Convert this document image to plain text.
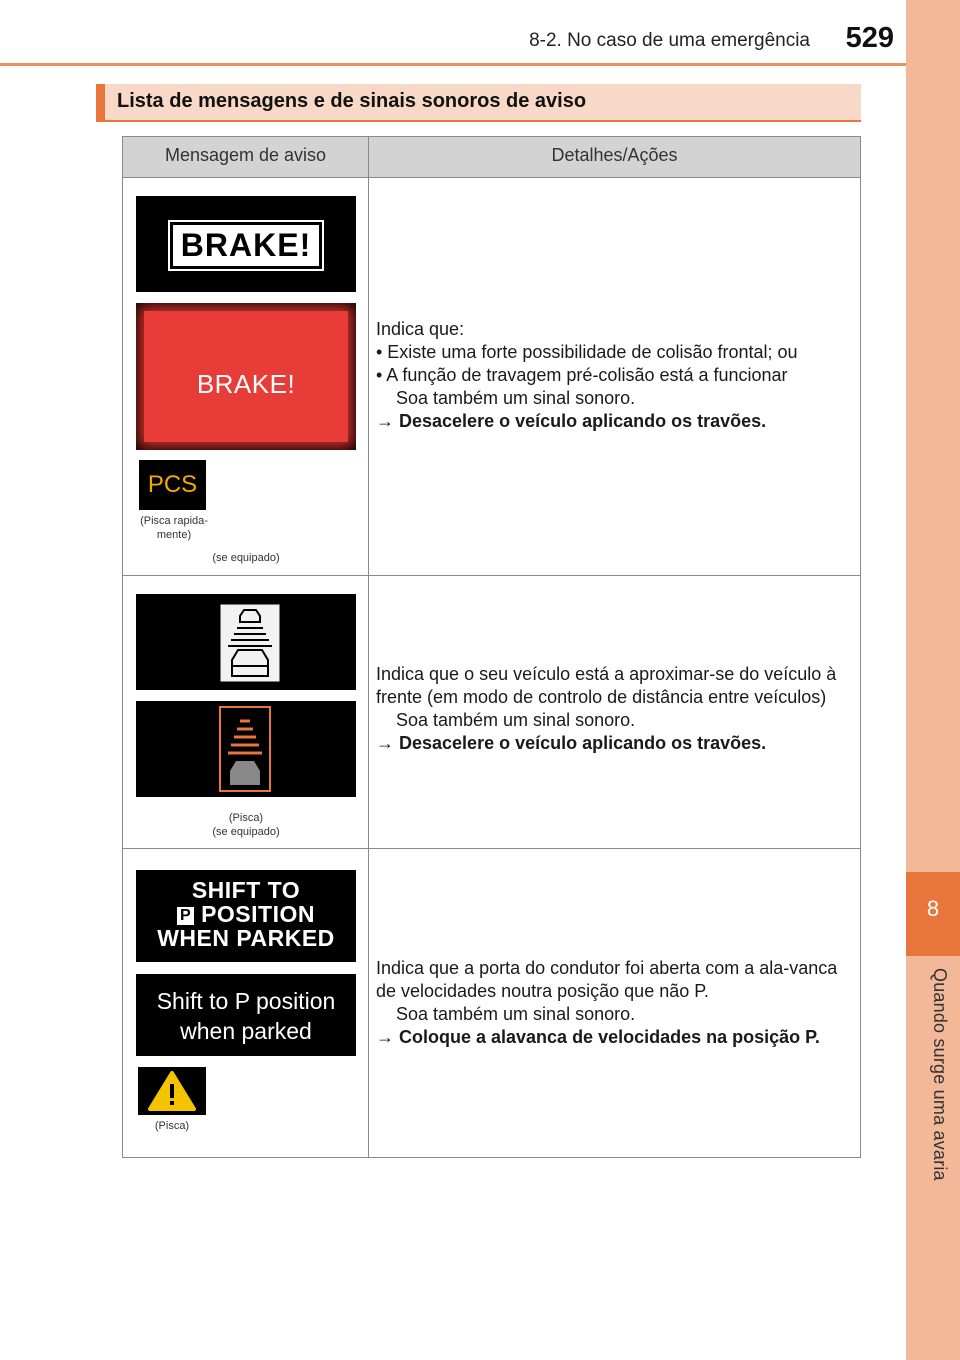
8-2. No caso de uma emergência 529
8
Quando surge uma avaria
Lista de mensagens e de sinais sonoros de aviso
Mensagem de aviso	Detalhes/Ações
BRAKE!
BRAKE!
PCS
(Pisca rapida-
mente)
(se equipado)
Indica que:
• Existe uma forte possibilidade de colisão frontal; ou
• A função de travagem pré-colisão está a funcionar
Soa também um sinal sonoro.
→ Desacelere o veículo aplicando os travões.
(Pisca)
(se equipado)
Indica que o seu veículo está a aproximar-se do veículo à frente (em modo de controlo de distância entre veículos)
Soa também um sinal sonoro.
→ Desacelere o veículo aplicando os travões.
SHIFT TO
P POSITION
WHEN PARKED
Shift to P position
when parked
(Pisca)
Indica que a porta do condutor foi aberta com a ala-vanca de velocidades noutra posição que não P.
Soa também um sinal sonoro.
→ Coloque a alavanca de velocidades na posição P.
